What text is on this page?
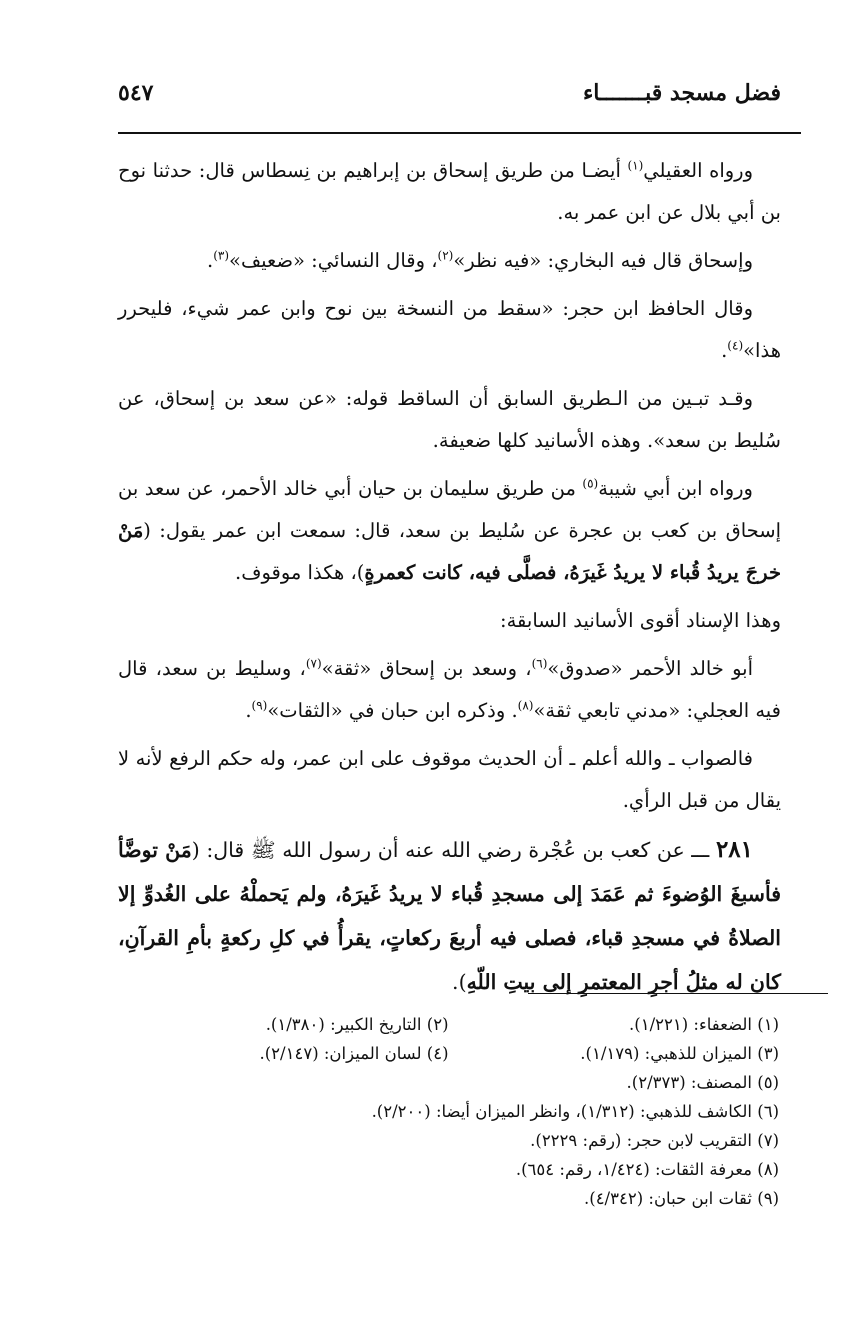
فضل مسجد قبـــــــاء
٥٤٧

ورواه العقيلي$^{(١)}$ أيضـا من طريق إسحاق بن إبراهيم بن نِسطاس قال: حدثنا نوح بن أبي بلال عن ابن عمر به.

وإسحاق قال فيه البخاري: «فيه نظر»$^{(٢)}$، وقال النسائي: «ضعيف»$^{(٣)}$.

وقال الحافظ ابن حجر: «سقط من النسخة بين نوح وابن عمر شيء، فليحرر هذا»$^{(٤)}$.

وقـد تبـين من الـطريق السابق أن الساقط قوله: «عن سعد بن إسحاق، عن سُليط بن سعد». وهذه الأسانيد كلها ضعيفة.

ورواه ابن أبي شيبة$^{(٥)}$ من طريق سليمان بن حيان أبي خالد الأحمر، عن سعد بن إسحاق بن كعب بن عجرة عن سُليط بن سعد، قال: سمعت ابن عمر يقول: (مَنْ خرجَ يريدُ قُباء لا يريدُ غَيرَهُ، فصلَّى فيه، كانت كعمرةٍ)، هكذا موقوف.

وهذا الإسناد أقوى الأسانيد السابقة:

أبو خالد الأحمر «صدوق»$^{(٦)}$، وسعد بن إسحاق «ثقة»$^{(٧)}$، وسليط بن سعد، قال فيه العجلي: «مدني تابعي ثقة»$^{(٨)}$. وذكره ابن حبان في «الثقات»$^{(٩)}$.

فالصواب ـ والله أعلم ـ أن الحديث موقوف على ابن عمر، وله حكم الرفع لأنه لا يقال من قبل الرأي.

٢٨١ ـــ عن كعب بن عُجْرة رضي الله عنه أن رسول الله ﷺ قال: (مَنْ توضَّأ فأسبغَ الوُضوءَ ثم عَمَدَ إلى مسجدِ قُباء لا يريدُ غَيرَهُ، ولم يَحملْهُ على الغُدوِّ إلا الصلاةُ في مسجدِ قباء، فصلى فيه أربعَ ركعاتٍ، يقرأُ في كلِ ركعةٍ بأمِ القرآنِ، كان له مثلُ أجرِ المعتمرِ إلى بيتِ اللّهِ).

(١) الضعفاء: (١/٢٢١).
(٢) التاريخ الكبير: (١/٣٨٠).
(٣) الميزان للذهبي: (١/١٧٩).
(٤) لسان الميزان: (٢/١٤٧).
(٥) المصنف: (٢/٣٧٣).
(٦) الكاشف للذهبي: (١/٣١٢)، وانظر الميزان أيضا: (٢/٢٠٠).
(٧) التقريب لابن حجر: (رقم: ٢٢٢٩).
(٨) معرفة الثقات: (١/٤٢٤، رقم: ٦٥٤).
(٩) ثقات ابن حبان: (٤/٣٤٢).
